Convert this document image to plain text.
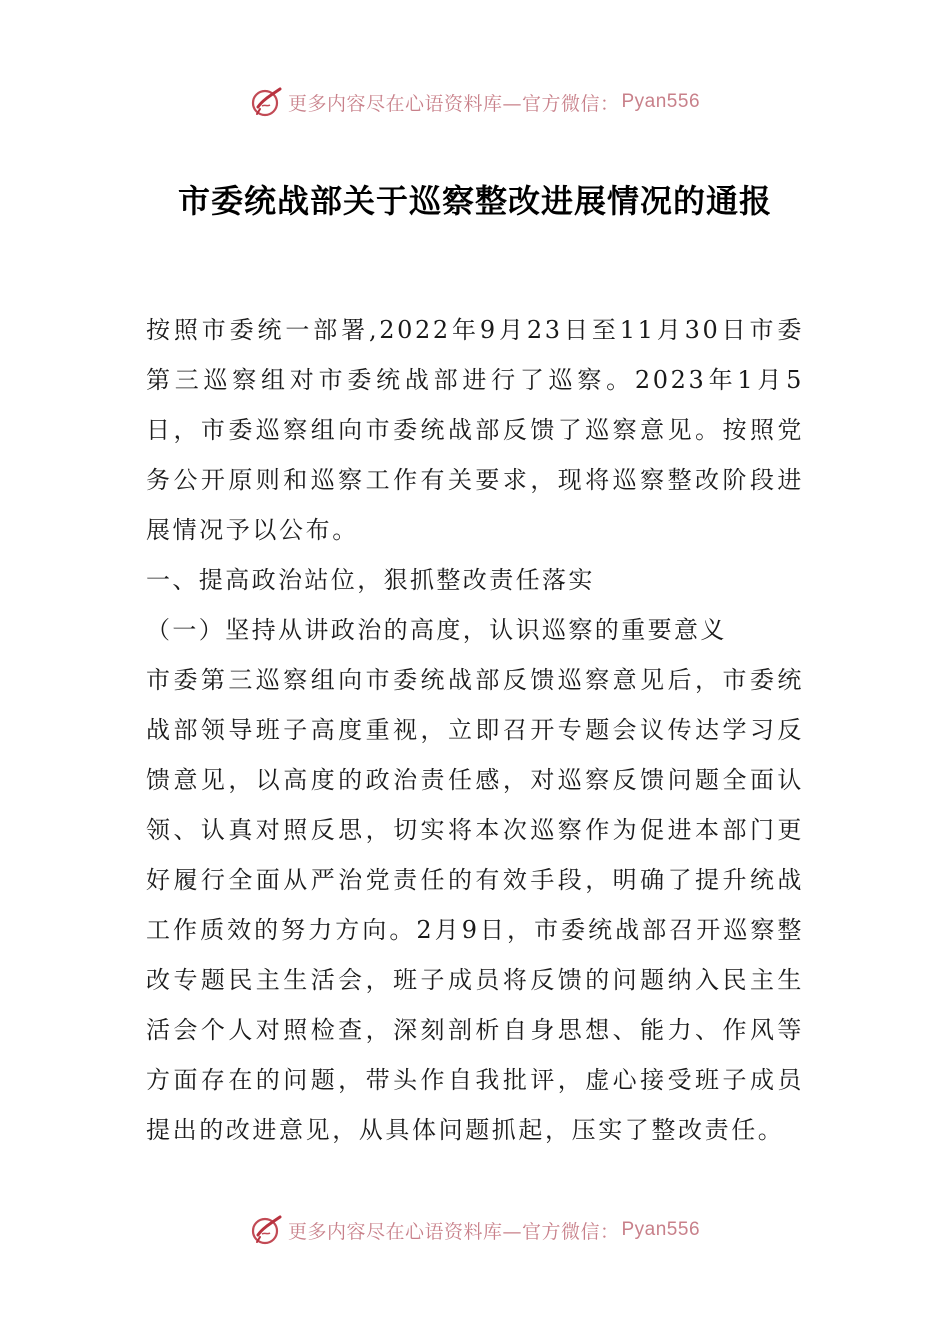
更多内容尽在心语资料库—官方微信： Pyan556
市委统战部关于巡察整改进展情况的通报

按照市委统一部署,2022年9月23日至11月30日市委第三巡察组对市委统战部进行了巡察。2023年1月5日，市委巡察组向市委统战部反馈了巡察意见。按照党务公开原则和巡察工作有关要求，现将巡察整改阶段进展情况予以公布。

一、提高政治站位，狠抓整改责任落实

（一）坚持从讲政治的高度，认识巡察的重要意义

市委第三巡察组向市委统战部反馈巡察意见后，市委统战部领导班子高度重视，立即召开专题会议传达学习反馈意见，以高度的政治责任感，对巡察反馈问题全面认领、认真对照反思，切实将本次巡察作为促进本部门更好履行全面从严治党责任的有效手段，明确了提升统战工作质效的努力方向。2月9日，市委统战部召开巡察整改专题民主生活会，班子成员将反馈的问题纳入民主生活会个人对照检查，深刻剖析自身思想、能力、作风等方面存在的问题，带头作自我批评，虚心接受班子成员提出的改进意见，从具体问题抓起，压实了整改责任。

更多内容尽在心语资料库—官方微信： Pyan556
